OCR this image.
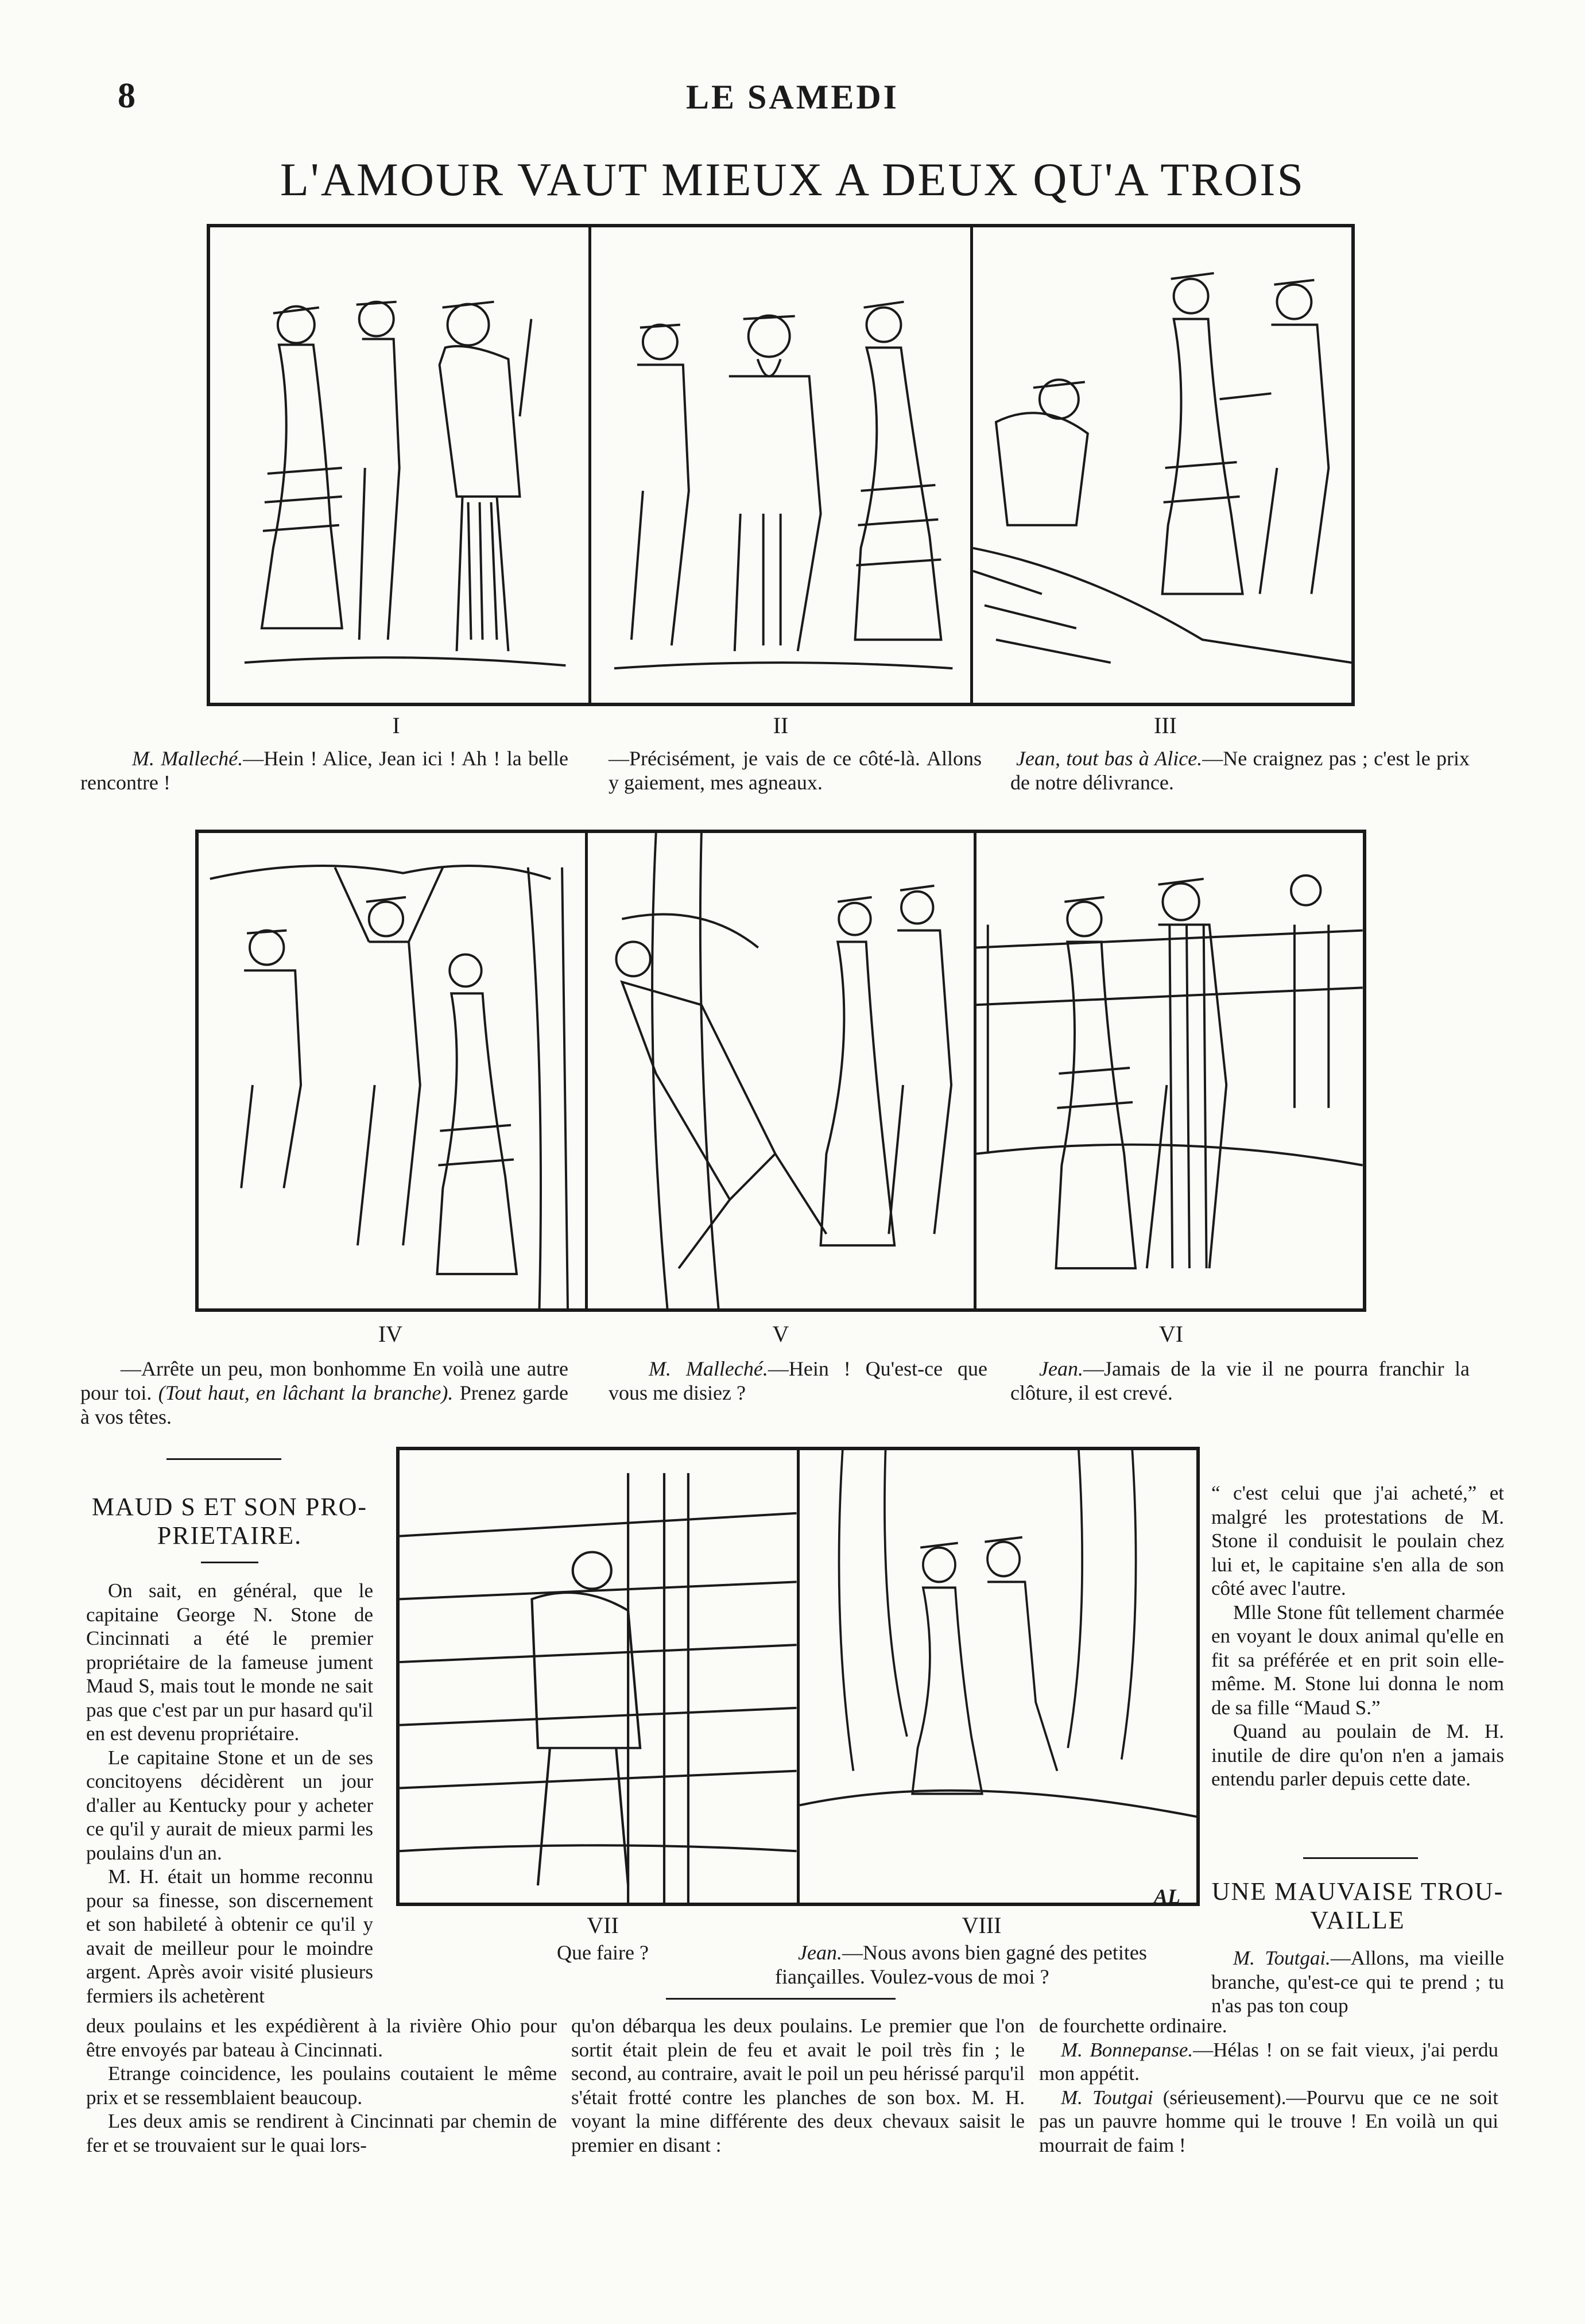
8	LE SAMEDI
L'AMOUR VAUT MIEUX A DEUX QU'A TROIS
I	II	III
M. Malleché.—Hein ! Alice, Jean ici ! Ah ! la belle rencontre !
—Précisément, je vais de ce côté-là. Allons y gaiement, mes agneaux.
Jean, tout bas à Alice.—Ne craignez pas ; c'est le prix de notre délivrance.
IV	V	VI
—Arrête un peu, mon bonhomme En voilà une autre pour toi. (Tout haut, en lâchant la branche). Prenez garde à vos têtes.
M. Malleché.—Hein ! Qu'est-ce que vous me disiez ?
Jean.—Jamais de la vie il ne pourra franchir la clôture, il est crevé.
AL
VII	VIII
Que faire ?	Jean.—Nous avons bien gagné des petites fiançailles. Voulez-vous de moi ?
MAUD S ET SON PRO-PRIETAIRE.

On sait, en général, que le capitaine George N. Stone de Cincinnati a été le premier propriétaire de la fameuse jument Maud S, mais tout le monde ne sait pas que c'est par un pur hasard qu'il en est devenu propriétaire.

Le capitaine Stone et un de ses concitoyens décidèrent un jour d'aller au Kentucky pour y acheter ce qu'il y aurait de mieux parmi les poulains d'un an.

M. H. était un homme reconnu pour sa finesse, son discernement et son habileté à obtenir ce qu'il y avait de meilleur pour le moindre argent. Après avoir visité plusieurs fermiers ils achetèrent

deux poulains et les expédièrent à la rivière Ohio pour être envoyés par bateau à Cincinnati.

Etrange coincidence, les poulains coutaient le même prix et se ressemblaient beaucoup.

Les deux amis se rendirent à Cincinnati par chemin de fer et se trouvaient sur le quai lors-

qu'on débarqua les deux poulains. Le premier que l'on sortit était plein de feu et avait le poil très fin ; le second, au contraire, avait le poil un peu hérissé parqu'il s'était frotté contre les planches de son box. M. H. voyant la mine différente des deux chevaux saisit le premier en disant :

“ c'est celui que j'ai acheté,” et malgré les protestations de M. Stone il conduisit le poulain chez lui et, le capitaine s'en alla de son côté avec l'autre.

Mlle Stone fût tellement charmée en voyant le doux animal qu'elle en fit sa préférée et en prit soin elle-même. M. Stone lui donna le nom de sa fille “Maud S.”

Quand au poulain de M. H. inutile de dire qu'on n'en a jamais entendu parler depuis cette date.

UNE MAUVAISE TROU-VAILLE

M. Toutgai.—Allons, ma vieille branche, qu'est-ce qui te prend ; tu n'as pas ton coup

de fourchette ordinaire.

M. Bonnepanse.—Hélas ! on se fait vieux, j'ai perdu mon appétit.

M. Toutgai (sérieusement).—Pourvu que ce ne soit pas un pauvre homme qui le trouve ! En voilà un qui mourrait de faim !
